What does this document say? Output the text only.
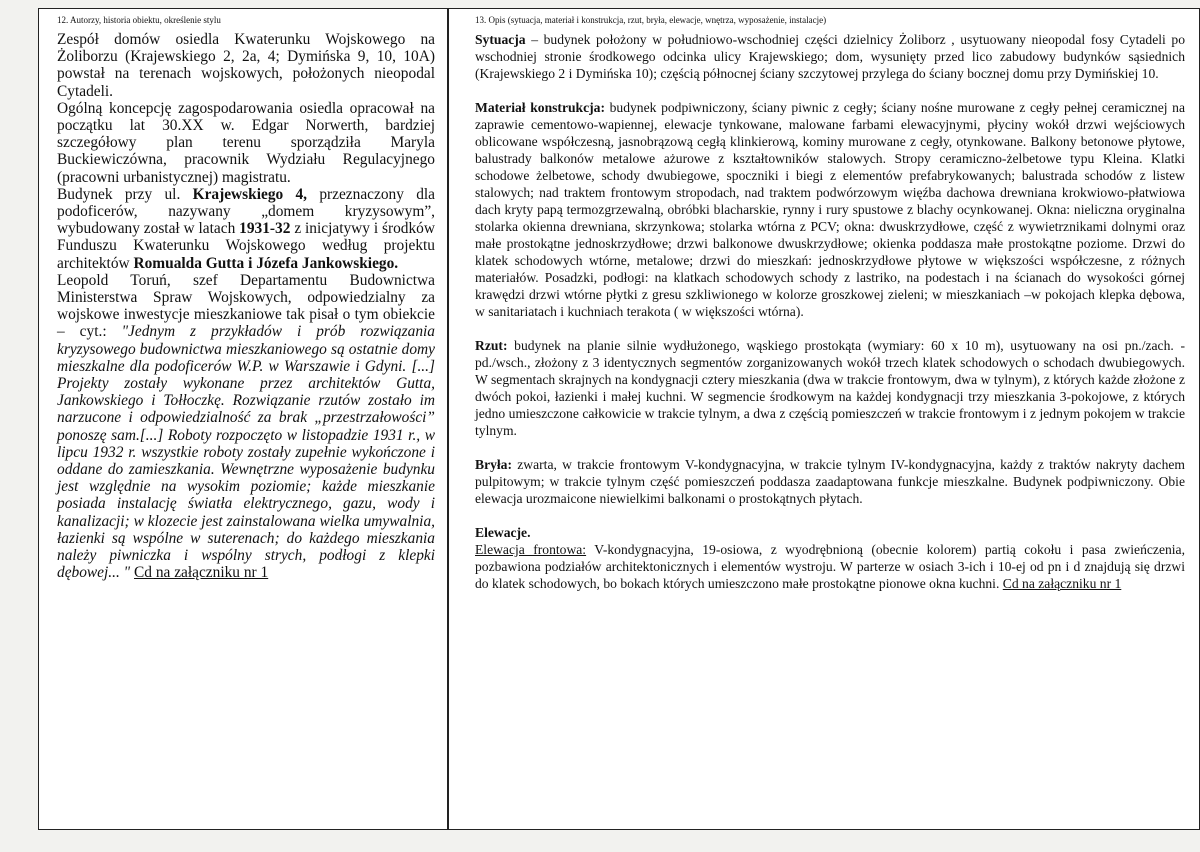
12. Autorzy, historia obiektu, określenie stylu

Zespół domów osiedla Kwaterunku Wojskowego na Żoliborzu (Krajewskiego 2, 2a, 4; Dymińska 9, 10, 10A) powstał na terenach wojskowych, położonych nieopodal Cytadeli.

Ogólną koncepcję zagospodarowania osiedla opracował na początku lat 30.XX w. Edgar Norwerth, bardziej szczegółowy plan terenu sporządziła Maryla Buckiewiczówna, pracownik Wydziału Regulacyjnego (pracowni urbanistycznej) magistratu.

Budynek przy ul. Krajewskiego 4, przeznaczony dla podoficerów, nazywany „domem kryzysowym”, wybudowany został w latach 1931-32 z inicjatywy i środków Funduszu Kwaterunku Wojskowego według projektu architektów Romualda Gutta i Józefa Jankowskiego.

Leopold Toruń, szef Departamentu Budownictwa Ministerstwa Spraw Wojskowych, odpowiedzialny za wojskowe inwestycje mieszkaniowe tak pisał o tym obiekcie – cyt.: "Jednym z przykładów i prób rozwiązania kryzysowego budownictwa mieszkaniowego są ostatnie domy mieszkalne dla podoficerów W.P. w Warszawie i Gdyni. [...] Projekty zostały wykonane przez architektów Gutta, Jankowskiego i Tołłoczkę. Rozwiązanie rzutów zostało im narzucone i odpowiedzialność za brak „przestrzałowości” ponoszę sam.[...] Roboty rozpoczęto w listopadzie 1931 r., w lipcu 1932 r. wszystkie roboty zostały zupełnie wykończone i oddane do zamieszkania. Wewnętrzne wyposażenie budynku jest względnie na wysokim poziomie; każde mieszkanie posiada instalację światła elektrycznego, gazu, wody i kanalizacji; w klozecie jest zainstalowana wielka umywalnia, łazienki są wspólne w suterenach; do każdego mieszkania należy piwniczka i wspólny strych, podłogi z klepki dębowej... " Cd na załączniku nr 1

13. Opis (sytuacja, materiał i konstrukcja, rzut, bryła, elewacje, wnętrza, wyposażenie, instalacje)

Sytuacja – budynek położony w południowo-wschodniej części dzielnicy Żoliborz , usytuowany nieopodal fosy Cytadeli po wschodniej stronie środkowego odcinka ulicy Krajewskiego; dom, wysunięty przed lico zabudowy budynków sąsiednich (Krajewskiego 2 i Dymińska 10); częścią północnej ściany szczytowej przylega do ściany bocznej domu przy Dymińskiej 10.

Materiał konstrukcja: budynek podpiwniczony, ściany piwnic z cegły; ściany nośne murowane z cegły pełnej ceramicznej na zaprawie cementowo-wapiennej, elewacje tynkowane, malowane farbami elewacyjnymi, płyciny wokół drzwi wejściowych oblicowane współczesną, jasnobrązową cegłą klinkierową, kominy murowane z cegły, otynkowane. Balkony betonowe płytowe, balustrady balkonów metalowe ażurowe z kształtowników stalowych. Stropy ceramiczno-żelbetowe typu Kleina. Klatki schodowe żelbetowe, schody dwubiegowe, spoczniki i biegi z elementów prefabrykowanych; balustrada schodów z listew stalowych; nad traktem frontowym stropodach, nad traktem podwórzowym więźba dachowa drewniana krokwiowo-płatwiowa dach kryty papą termozgrzewalną, obróbki blacharskie, rynny i rury spustowe z blachy ocynkowanej. Okna: nieliczna oryginalna stolarka okienna drewniana, skrzynkowa; stolarka wtórna z PCV; okna: dwuskrzydłowe, część z wywietrznikami dolnymi oraz małe prostokątne jednoskrzydłowe; drzwi balkonowe dwuskrzydłowe; okienka poddasza małe prostokątne poziome. Drzwi do klatek schodowych wtórne, metalowe; drzwi do mieszkań: jednoskrzydłowe płytowe w większości współczesne, z różnych materiałów. Posadzki, podłogi: na klatkach schodowych schody z lastriko, na podestach i na ścianach do wysokości górnej krawędzi drzwi wtórne płytki z gresu szkliwionego w kolorze groszkowej zieleni; w mieszkaniach –w pokojach klepka dębowa, w sanitariatach i kuchniach terakota ( w większości wtórna).

Rzut: budynek na planie silnie wydłużonego, wąskiego prostokąta (wymiary: 60 x 10 m), usytuowany na osi pn./zach. - pd./wsch., złożony z 3 identycznych segmentów zorganizowanych wokół trzech klatek schodowych o schodach dwubiegowych. W segmentach skrajnych na kondygnacji cztery mieszkania (dwa w trakcie frontowym, dwa w tylnym), z których każde złożone z dwóch pokoi, łazienki i małej kuchni. W segmencie środkowym na każdej kondygnacji trzy mieszkania 3-pokojowe, z których jedno umieszczone całkowicie w trakcie tylnym, a dwa z częścią pomieszczeń w trakcie frontowym i z jednym pokojem w trakcie tylnym.

Bryła: zwarta, w trakcie frontowym V-kondygnacyjna, w trakcie tylnym IV-kondygnacyjna, każdy z traktów nakryty dachem pulpitowym; w trakcie tylnym część pomieszczeń poddasza zaadaptowana funkcje mieszkalne. Budynek podpiwniczony. Obie elewacja urozmaicone niewielkimi balkonami o prostokątnych płytach.

Elewacje.

Elewacja frontowa: V-kondygnacyjna, 19-osiowa, z wyodrębnioną (obecnie kolorem) partią cokołu i pasa zwieńczenia, pozbawiona podziałów architektonicznych i elementów wystroju. W parterze w osiach 3-ich i 10-ej od pn i d znajdują się drzwi do klatek schodowych, bo bokach których umieszczono małe prostokątne pionowe okna kuchni. Cd na załączniku nr 1
